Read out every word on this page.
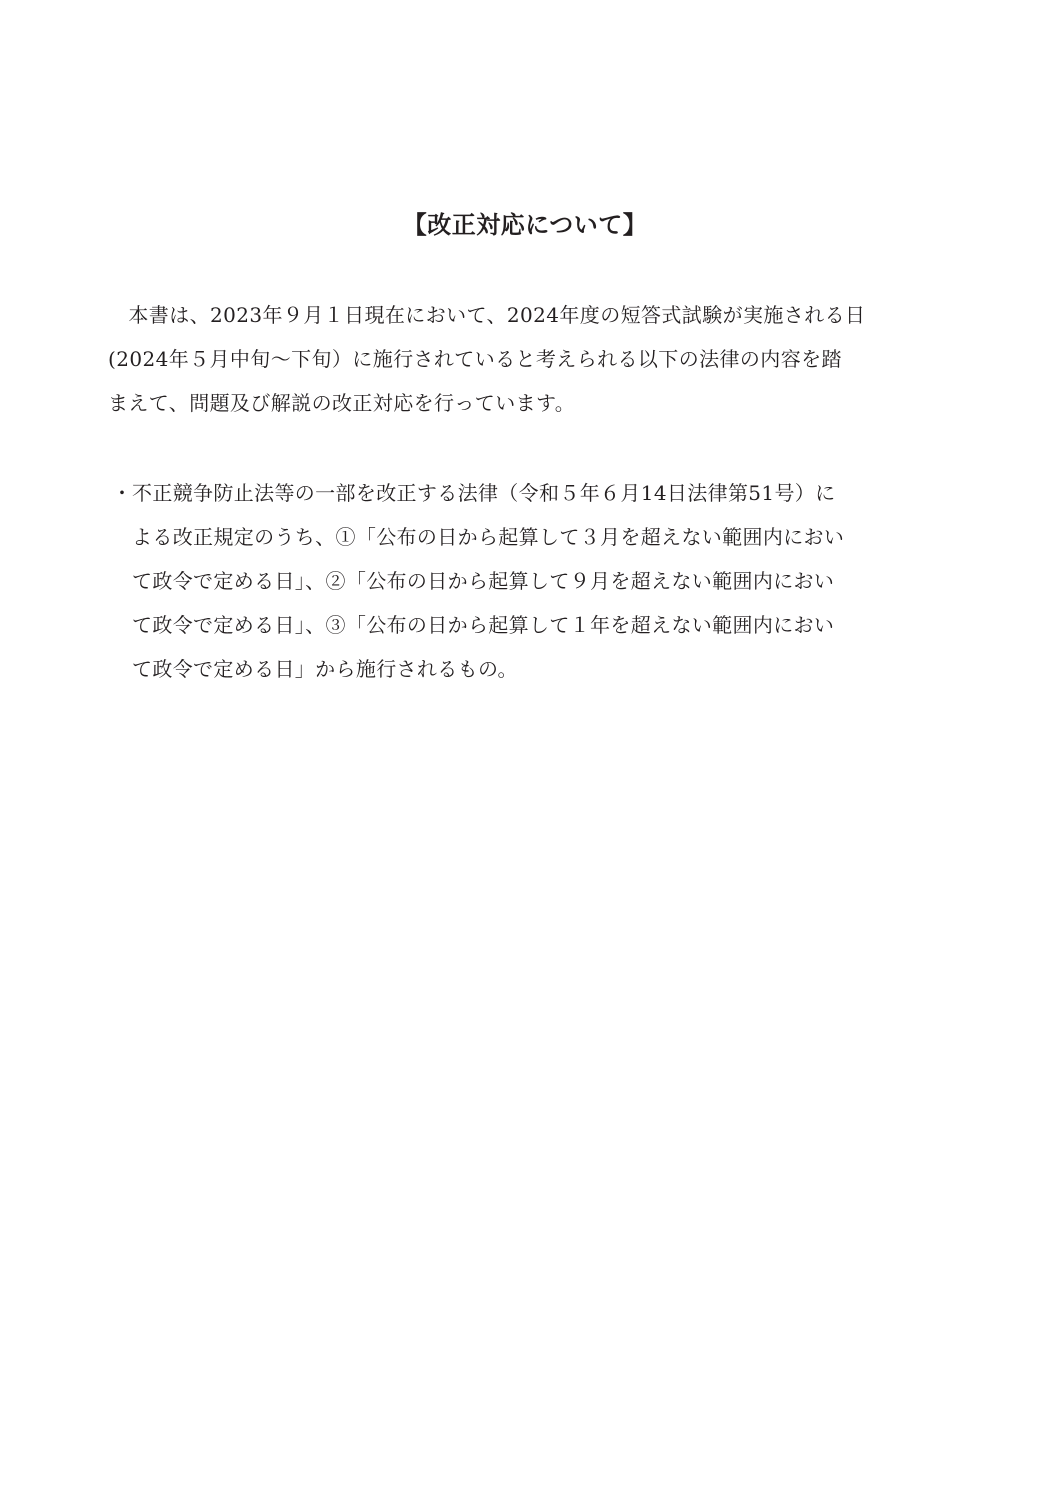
【改正対応について】
　本書は、2023年９月１日現在において、2024年度の短答式試験が実施される日
(2024年５月中旬～下旬）に施行されていると考えられる以下の法律の内容を踏
まえて、問題及び解説の改正対応を行っています。
・ 不正競争防止法等の一部を改正する法律（令和５年６月14日法律第51号）に
よる改正規定のうち、①「公布の日から起算して３月を超えない範囲内におい
て政令で定める日」、②「公布の日から起算して９月を超えない範囲内におい
て政令で定める日」、③「公布の日から起算して１年を超えない範囲内におい
て政令で定める日」から施行されるもの。
